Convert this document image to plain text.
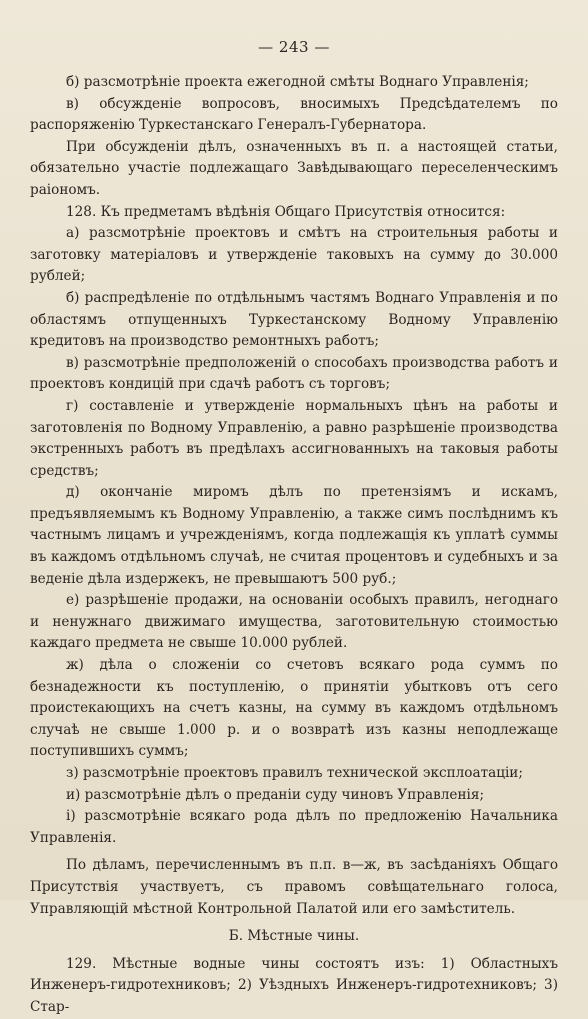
— 243 —

б) разсмотрѣніе проекта ежегодной смѣты Воднаго Управленія;

в) обсужденіе вопросовъ, вносимыхъ Предсѣдателемъ по распоряженію Туркестанскаго Генералъ-Губернатора.

При обсужденіи дѣлъ, означенныхъ въ п. а настоящей статьи, обязательно участіе подлежащаго Завѣдывающаго переселенческимъ раіономъ.

128. Къ предметамъ вѣдѣнія Общаго Присутствія относится:

а) разсмотрѣніе проектовъ и смѣтъ на строительныя работы и заготовку матеріаловъ и утвержденіе таковыхъ на сумму до 30.000 рублей;

б) распредѣленіе по отдѣльнымъ частямъ Воднаго Управленія и по областямъ отпущенныхъ Туркестанскому Водному Управленію кредитовъ на производство ремонтныхъ работъ;

в) разсмотрѣніе предположеній о способахъ производства работъ и проектовъ кондицій при сдачѣ работъ съ торговъ;

г) составленіе и утвержденіе нормальныхъ цѣнъ на работы и заготовленія по Водному Управленію, а равно разрѣшеніе производства экстренныхъ работъ въ предѣлахъ ассигнованныхъ на таковыя работы средствъ;

д) окончаніе миромъ дѣлъ по претензіямъ и искамъ, предъявляемымъ къ Водному Управленію, а также симъ послѣднимъ къ частнымъ лицамъ и учрежденіямъ, когда подлежащія къ уплатѣ суммы въ каждомъ отдѣльномъ случаѣ, не считая процентовъ и судебныхъ и за веденіе дѣла издержекъ, не превышаютъ 500 руб.;

е) разрѣшеніе продажи, на основаніи особыхъ правилъ, негоднаго и ненужнаго движимаго имущества, заготовительную стоимостью каждаго предмета не свыше 10.000 рублей.

ж) дѣла о сложеніи со счетовъ всякаго рода суммъ по безнадежности къ поступленію, о принятіи убытковъ отъ сего проистекающихъ на счетъ казны, на сумму въ каждомъ отдѣльномъ случаѣ не свыше 1.000 р. и о возвратѣ изъ казны неподлежаще поступившихъ суммъ;

з) разсмотрѣніе проектовъ правилъ технической эксплоатаціи;

и) разсмотрѣніе дѣлъ о преданіи суду чиновъ Управленія;

і) разсмотрѣніе всякаго рода дѣлъ по предложенію Начальника Управленія.

По дѣламъ, перечисленнымъ въ п.п. в—ж, въ засѣданіяхъ Общаго Присутствія участвуетъ, съ правомъ совѣщательнаго голоса, Управляющій мѣстной Контрольной Палатой или его замѣститель.

Б. Мѣстные чины.

129. Мѣстные водные чины состоятъ изъ: 1) Областныхъ Инженеръ-гидротехниковъ; 2) Уѣздныхъ Инженеръ-гидротехниковъ; 3) Стар-
